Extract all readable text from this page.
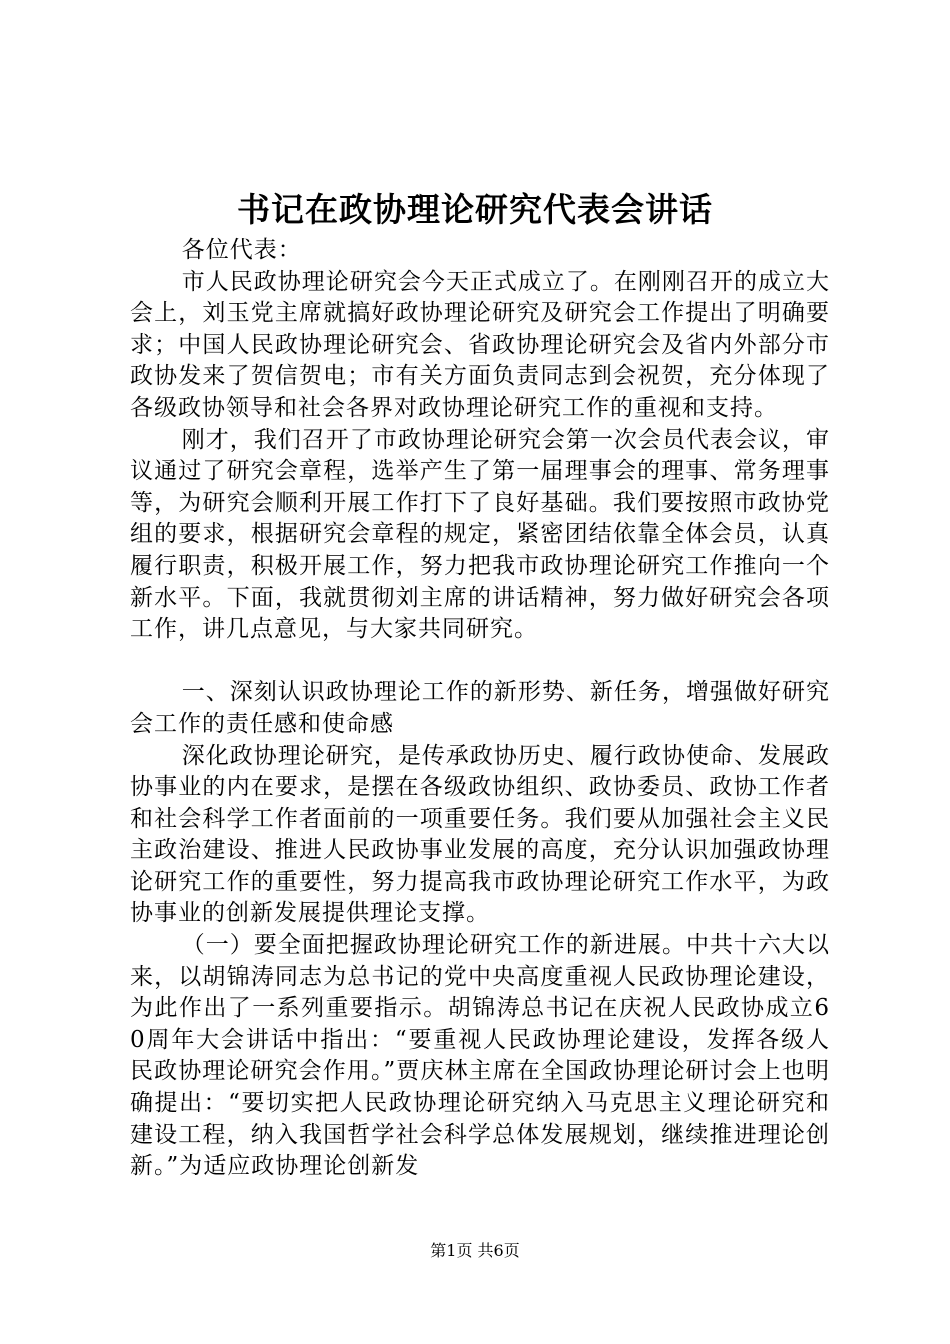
书记在政协理论研究代表会讲话

各位代表：

市人民政协理论研究会今天正式成立了。在刚刚召开的成立大会上，刘玉党主席就搞好政协理论研究及研究会工作提出了明确要求；中国人民政协理论研究会、省政协理论研究会及省内外部分市政协发来了贺信贺电；市有关方面负责同志到会祝贺，充分体现了各级政协领导和社会各界对政协理论研究工作的重视和支持。

刚才，我们召开了市政协理论研究会第一次会员代表会议，审议通过了研究会章程，选举产生了第一届理事会的理事、常务理事等，为研究会顺利开展工作打下了良好基础。我们要按照市政协党组的要求，根据研究会章程的规定，紧密团结依靠全体会员，认真履行职责，积极开展工作，努力把我市政协理论研究工作推向一个新水平。下面，我就贯彻刘主席的讲话精神，努力做好研究会各项工作，讲几点意见，与大家共同研究。

一、深刻认识政协理论工作的新形势、新任务，增强做好研究会工作的责任感和使命感

深化政协理论研究，是传承政协历史、履行政协使命、发展政协事业的内在要求，是摆在各级政协组织、政协委员、政协工作者和社会科学工作者面前的一项重要任务。我们要从加强社会主义民主政治建设、推进人民政协事业发展的高度，充分认识加强政协理论研究工作的重要性，努力提高我市政协理论研究工作水平，为政协事业的创新发展提供理论支撑。

（一）要全面把握政协理论研究工作的新进展。中共十六大以来，以胡锦涛同志为总书记的党中央高度重视人民政协理论建设，为此作出了一系列重要指示。胡锦涛总书记在庆祝人民政协成立60周年大会讲话中指出：“要重视人民政协理论建设，发挥各级人民政协理论研究会作用。”贾庆林主席在全国政协理论研讨会上也明确提出：“要切实把人民政协理论研究纳入马克思主义理论研究和建设工程，纳入我国哲学社会科学总体发展规划，继续推进理论创新。”为适应政协理论创新发

第1页 共6页
